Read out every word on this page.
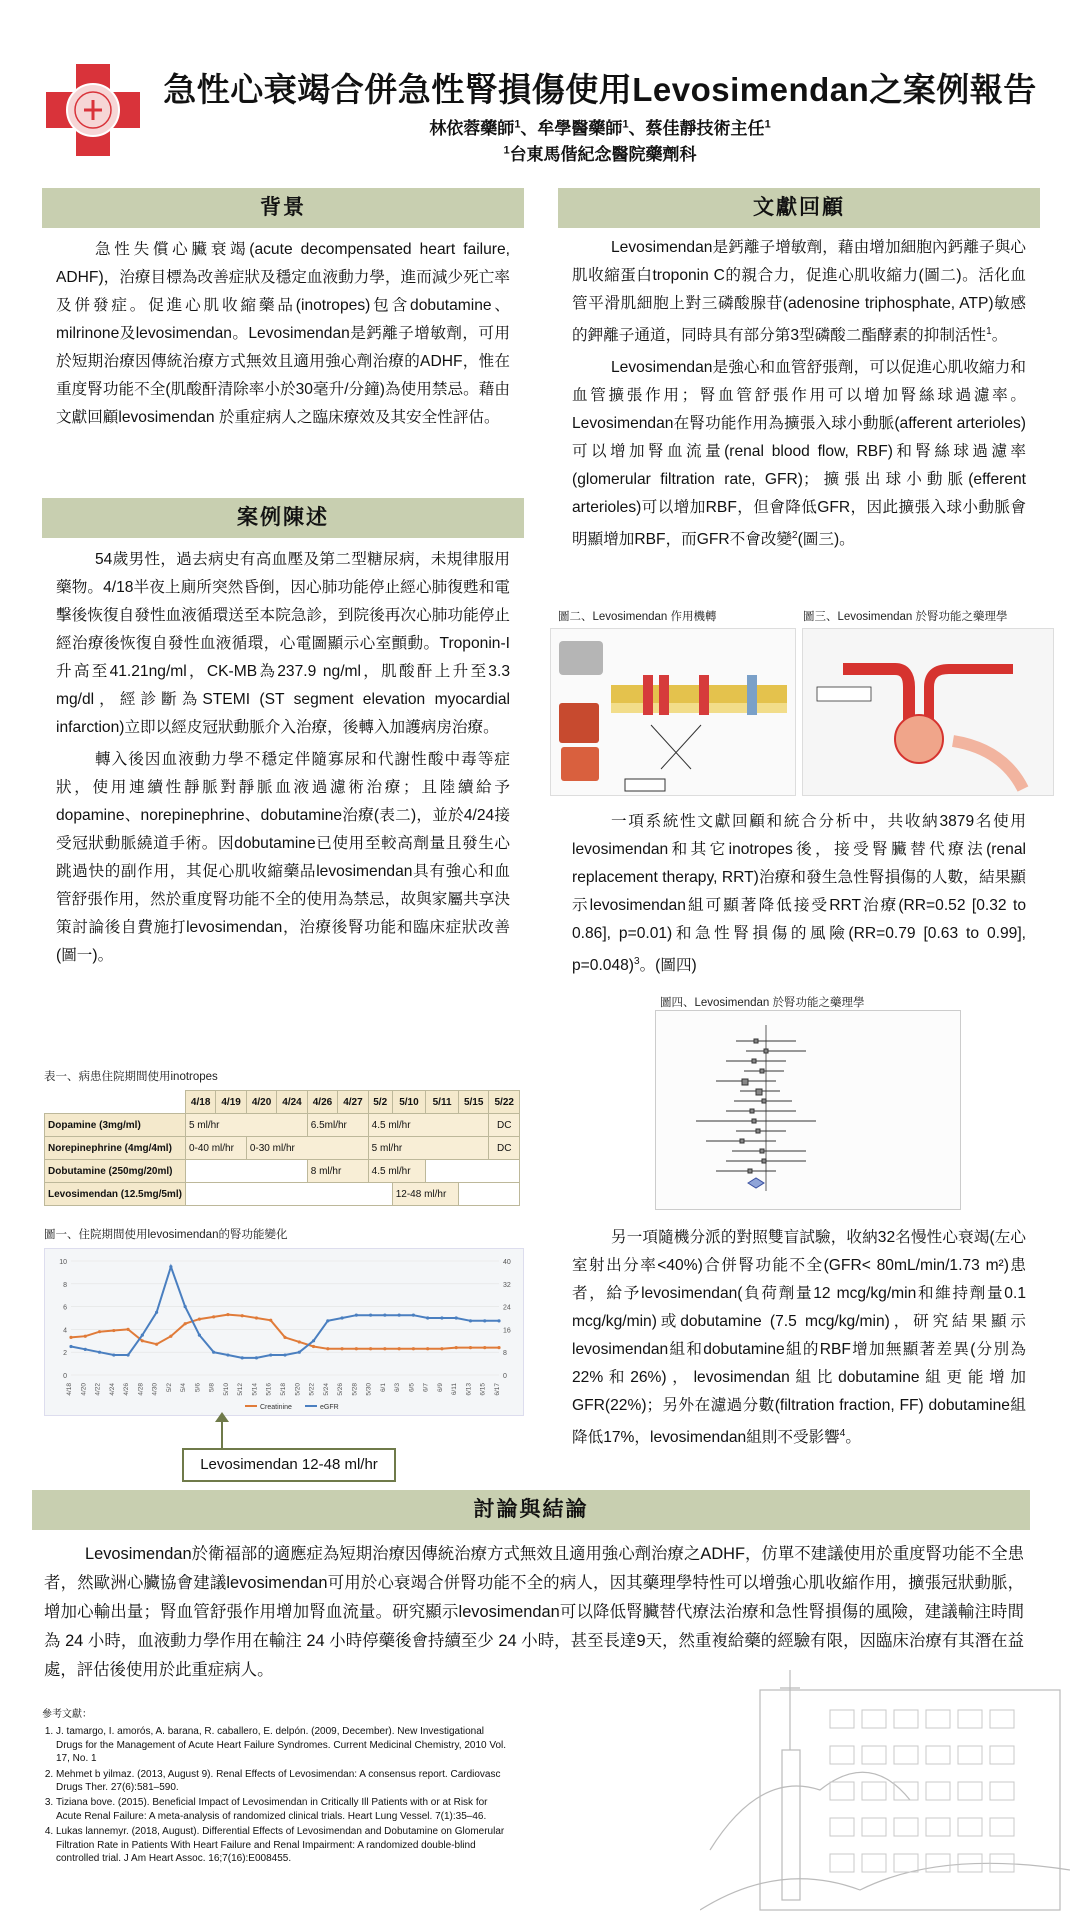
急性心衰竭合併急性腎損傷使用Levosimendan之案例報告
林依蓉藥師$^1$、牟學醫藥師$^1$、蔡佳靜技術主任$^1$
$^1$台東馬偕紀念醫院藥劑科
背景

急性失償心臟衰竭(acute decompensated heart failure, ADHF)，治療目標為改善症狀及穩定血液動力學，進而減少死亡率及併發症。促進心肌收縮藥品(inotropes)包含dobutamine、milrinone及levosimendan。Levosimendan是鈣離子增敏劑，可用於短期治療因傳統治療方式無效且適用強心劑治療的ADHF，惟在重度腎功能不全(肌酸酐清除率小於30毫升/分鐘)為使用禁忌。藉由文獻回顧levosimendan 於重症病人之臨床療效及其安全性評估。

案例陳述

54歲男性，過去病史有高血壓及第二型糖尿病，未規律服用藥物。4/18半夜上廁所突然昏倒，因心肺功能停止經心肺復甦和電擊後恢復自發性血液循環送至本院急診，到院後再次心肺功能停止經治療後恢復自發性血液循環，心電圖顯示心室顫動。Troponin-I升高至41.21ng/ml，CK-MB為237.9 ng/ml，肌酸酐上升至3.3 mg/dl，經診斷為STEMI (ST segment elevation myocardial infarction)立即以經皮冠狀動脈介入治療，後轉入加護病房治療。

轉入後因血液動力學不穩定伴隨寡尿和代謝性酸中毒等症狀，使用連續性靜脈對靜脈血液過濾術治療；且陸續給予dopamine、norepinephrine、dobutamine治療(表二)，並於4/24接受冠狀動脈繞道手術。因dobutamine已使用至較高劑量且發生心跳過快的副作用，其促心肌收縮藥品levosimendan具有強心和血管舒張作用，然於重度腎功能不全的使用為禁忌，故與家屬共享決策討論後自費施打levosimendan，治療後腎功能和臨床症狀改善(圖一)。

表一、病患住院期間使用inotropes
	4/18	4/19	4/20	4/24	4/26	4/27	5/2	5/10	5/11	5/15	5/22
Dopamine (3mg/ml)	5 ml/hr				6.5ml/hr		4.5 ml/hr				DC
Norepinephrine (4mg/4ml)	0-40 ml/hr		0-30 ml/hr				5 ml/hr				DC
Dobutamine (250mg/20ml)					8 ml/hr		4.5 ml/hr				
Levosimendan (12.5mg/5ml)								12-48 ml/hr			
圖一、住院期間使用levosimendan的腎功能變化
0	0
2	8
4	16
6	24
8	32
10	40
4/18 4/20 4/22 4/24 4/26 4/28 4/30 5/2 5/4 5/6 5/8 5/10 5/12 5/14 5/16 5/18 5/20 5/22 5/24 5/26 5/28 5/30 6/1 6/3 6/5 6/7 6/9 6/11 6/13 6/15 6/17
Creatinine	eGFR
Levosimendan 12-48 ml/hr
文獻回顧

Levosimendan是鈣離子增敏劑，藉由增加細胞內鈣離子與心肌收縮蛋白troponin C的親合力，促進心肌收縮力(圖二)。活化血管平滑肌細胞上對三磷酸腺苷(adenosine triphosphate, ATP)敏感的鉀離子通道，同時具有部分第3型磷酸二酯酵素的抑制活性$^1$。

Levosimendan是強心和血管舒張劑，可以促進心肌收縮力和血管擴張作用；腎血管舒張作用可以增加腎絲球過濾率。Levosimendan在腎功能作用為擴張入球小動脈(afferent arterioles)可以增加腎血流量(renal blood flow, RBF)和腎絲球過濾率(glomerular filtration rate, GFR)；擴張出球小動脈(efferent arterioles)可以增加RBF，但會降低GFR，因此擴張入球小動脈會明顯增加RBF，而GFR不會改變$^2$(圖三)。

圖二、Levosimendan 作用機轉	圖三、Levosimendan 於腎功能之藥理學

一項系統性文獻回顧和統合分析中，共收納3879名使用levosimendan和其它inotropes後，接受腎臟替代療法(renal replacement therapy, RRT)治療和發生急性腎損傷的人數，結果顯示levosimendan組可顯著降低接受RRT治療(RR=0.52 [0.32 to 0.86], p=0.01)和急性腎損傷的風險(RR=0.79 [0.63 to 0.99], p=0.048)$^3$。(圖四)

圖四、Levosimendan 於腎功能之藥理學

另一項隨機分派的對照雙盲試驗，收納32名慢性心衰竭(左心室射出分率<40%)合併腎功能不全(GFR< 80mL/min/1.73 m²)患者，給予levosimendan(負荷劑量12 mcg/kg/min和維持劑量0.1 mcg/kg/min)或dobutamine (7.5 mcg/kg/min)，研究結果顯示levosimendan組和dobutamine組的RBF增加無顯著差異(分別為22%和26%)，levosimendan組比dobutamine組更能增加GFR(22%)；另外在濾過分數(filtration fraction, FF) dobutamine組降低17%，levosimendan組則不受影響$^4$。

討論與結論

Levosimendan於衛福部的適應症為短期治療因傳統治療方式無效且適用強心劑治療之ADHF，仿單不建議使用於重度腎功能不全患者，然歐洲心臟協會建議levosimendan可用於心衰竭合併腎功能不全的病人，因其藥理學特性可以增強心肌收縮作用，擴張冠狀動脈，增加心輸出量；腎血管舒張作用增加腎血流量。研究顯示levosimendan可以降低腎臟替代療法治療和急性腎損傷的風險，建議輸注時間為 24 小時，血液動力學作用在輸注 24 小時停藥後會持續至少 24 小時，甚至長達9天，然重複給藥的經驗有限，因臨床治療有其潛在益處，評估後使用於此重症病人。

參考文獻：
1. J. tamargo, I. amorós, A. barana, R. caballero, E. delpón. (2009, December). New Investigational Drugs for the Management of Acute Heart Failure Syndromes. Current Medicinal Chemistry, 2010 Vol. 17, No. 1
2. Mehmet b yilmaz. (2013, August 9). Renal Effects of Levosimendan: A consensus report. Cardiovasc Drugs Ther. 27(6):581–590.
3. Tiziana bove. (2015). Beneficial Impact of Levosimendan in Critically Ill Patients with or at Risk for Acute Renal Failure: A meta-analysis of randomized clinical trials. Heart Lung Vessel. 7(1):35–46.
4. Lukas lannemyr. (2018, August). Differential Effects of Levosimendan and Dobutamine on Glomerular Filtration Rate in Patients With Heart Failure and Renal Impairment: A randomized double-blind controlled trial. J Am Heart Assoc. 16;7(16):E008455.
